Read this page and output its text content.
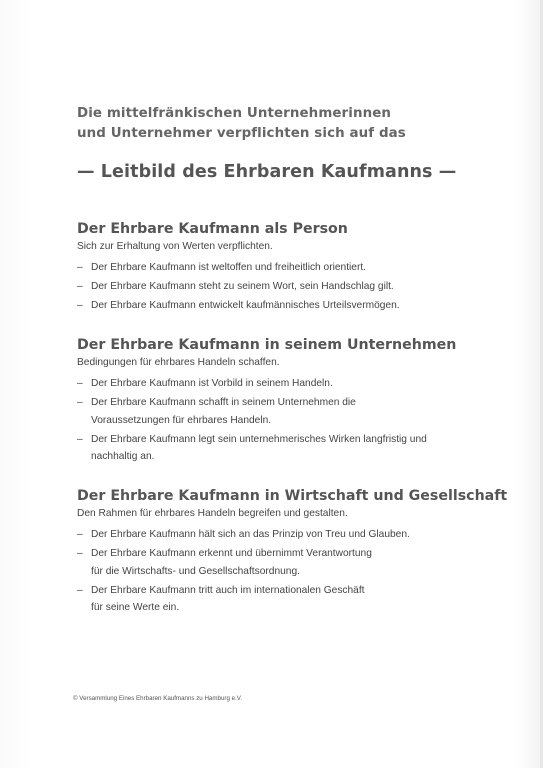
Die mittelfränkischen Unternehmerinnen
und Unternehmer verpflichten sich auf das
— Leitbild des Ehrbaren Kaufmanns —
Der Ehrbare Kaufmann als Person

Sich zur Erhaltung von Werten verpflichten.

– Der Ehrbare Kaufmann ist weltoffen und freiheitlich orientiert.
– Der Ehrbare Kaufmann steht zu seinem Wort, sein Handschlag gilt.
– Der Ehrbare Kaufmann entwickelt kaufmännisches Urteilsvermögen.
Der Ehrbare Kaufmann in seinem Unternehmen

Bedingungen für ehrbares Handeln schaffen.

– Der Ehrbare Kaufmann ist Vorbild in seinem Handeln.
– Der Ehrbare Kaufmann schafft in seinem Unternehmen die
Voraussetzungen für ehrbares Handeln.
– Der Ehrbare Kaufmann legt sein unternehmerisches Wirken langfristig und
nachhaltig an.
Der Ehrbare Kaufmann in Wirtschaft und Gesellschaft

Den Rahmen für ehrbares Handeln begreifen und gestalten.

– Der Ehrbare Kaufmann hält sich an das Prinzip von Treu und Glauben.
– Der Ehrbare Kaufmann erkennt und übernimmt Verantwortung
für die Wirtschafts- und Gesellschaftsordnung.
– Der Ehrbare Kaufmann tritt auch im internationalen Geschäft
für seine Werte ein.
© Versammlung Eines Ehrbaren Kaufmanns zu Hamburg e.V.
